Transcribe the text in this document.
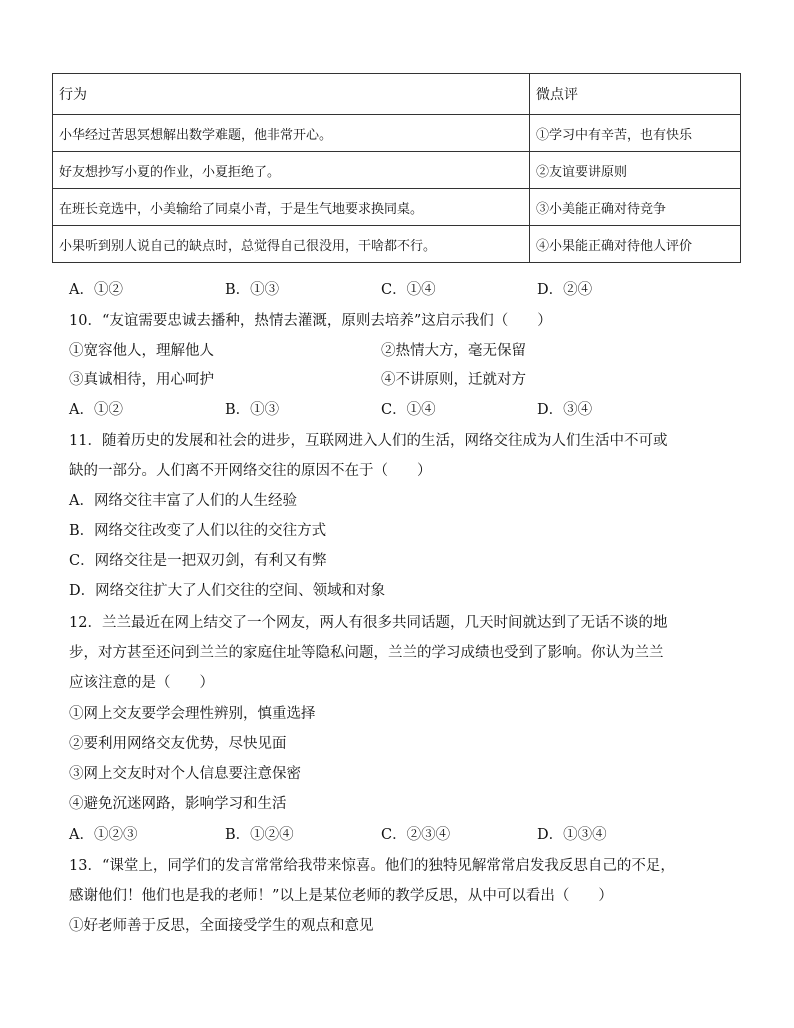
行为	微点评
小华经过苦思冥想解出数学难题，他非常开心。	①学习中有辛苦，也有快乐
好友想抄写小夏的作业，小夏拒绝了。	②友谊要讲原则
在班长竞选中，小美输给了同桌小青，于是生气地要求换同桌。	③小美能正确对待竞争
小果听到别人说自己的缺点时，总觉得自己很没用，干啥都不行。	④小果能正确对待他人评价
A．①②	B．①③	C．①④	D．②④
10．“友谊需要忠诚去播种，热情去灌溉，原则去培养”这启示我们（　　）
①宽容他人，理解他人	②热情大方，毫无保留
③真诚相待，用心呵护	④不讲原则，迁就对方
A．①②	B．①③	C．①④	D．③④
11．随着历史的发展和社会的进步，互联网进入人们的生活，网络交往成为人们生活中不可或
缺的一部分。人们离不开网络交往的原因不在于（　　）
A．网络交往丰富了人们的人生经验
B．网络交往改变了人们以往的交往方式
C．网络交往是一把双刃剑，有利又有弊
D．网络交往扩大了人们交往的空间、领域和对象
12．兰兰最近在网上结交了一个网友，两人有很多共同话题，几天时间就达到了无话不谈的地
步，对方甚至还问到兰兰的家庭住址等隐私问题，兰兰的学习成绩也受到了影响。你认为兰兰
应该注意的是（　　）
①网上交友要学会理性辨别，慎重选择
②要利用网络交友优势，尽快见面
③网上交友时对个人信息要注意保密
④避免沉迷网路，影响学习和生活
A．①②③	B．①②④	C．②③④	D．①③④
13．“课堂上，同学们的发言常常给我带来惊喜。他们的独特见解常常启发我反思自己的不足，
感谢他们！他们也是我的老师！”以上是某位老师的教学反思，从中可以看出（　　）
①好老师善于反思，全面接受学生的观点和意见
